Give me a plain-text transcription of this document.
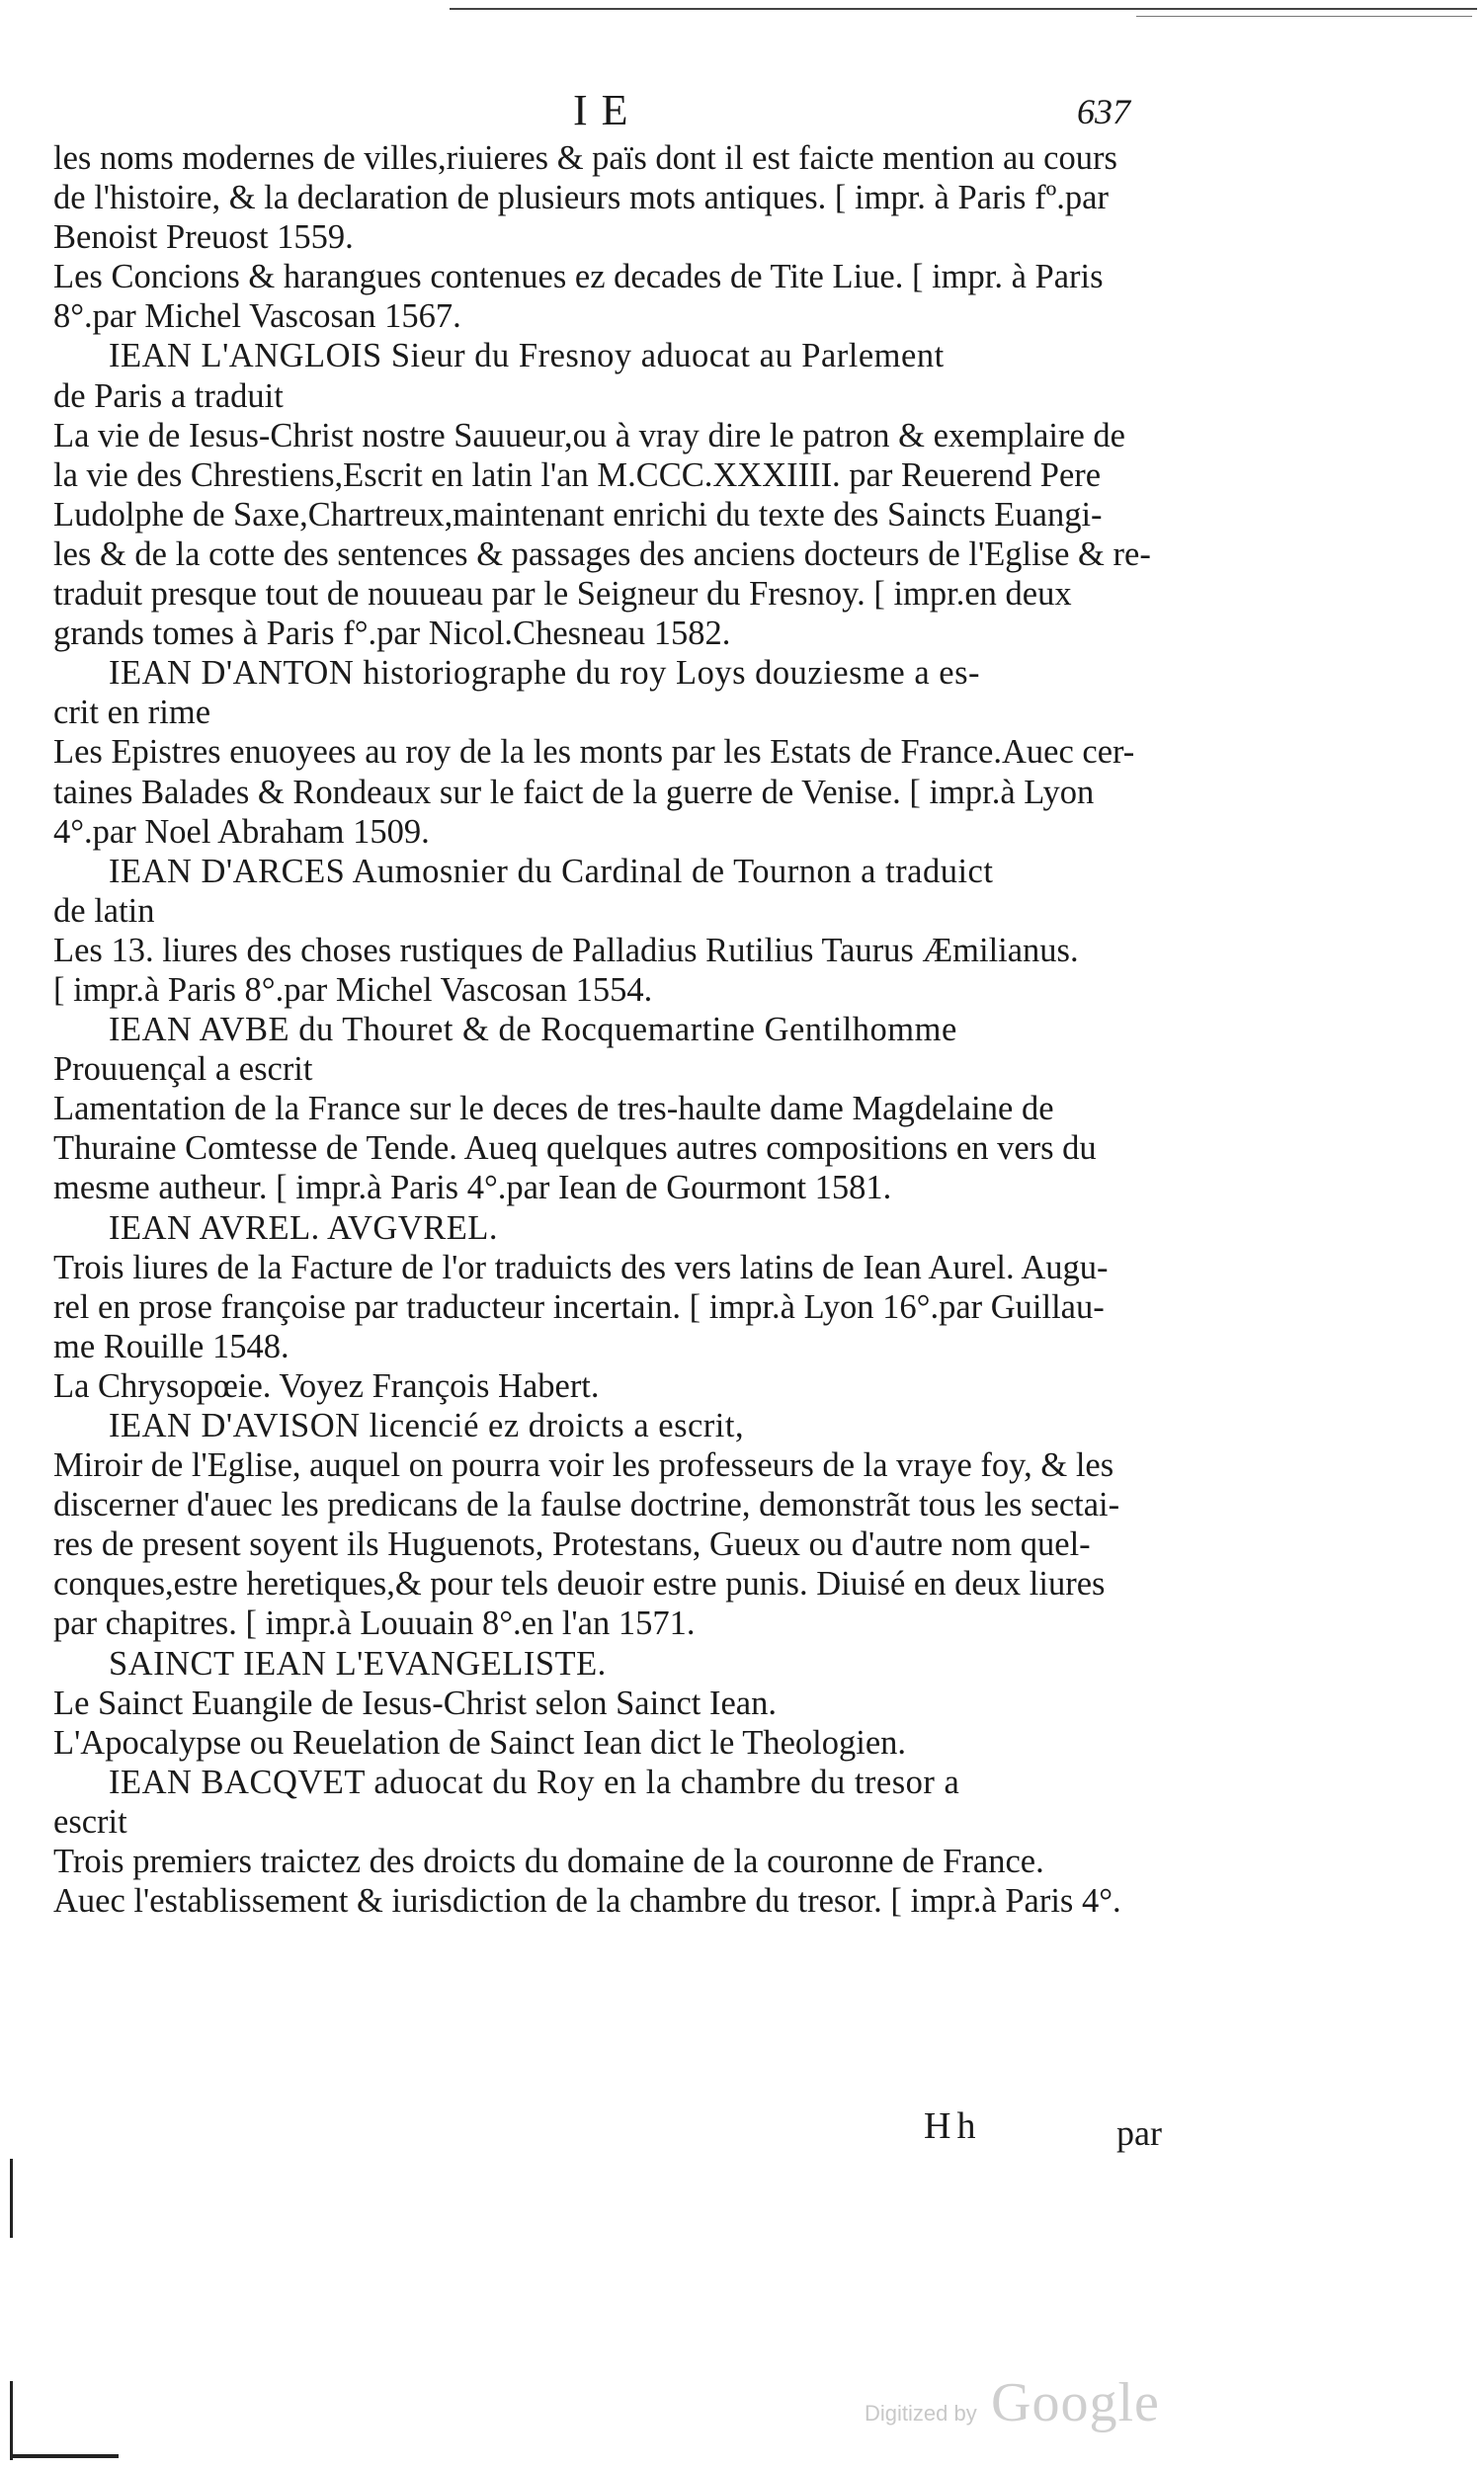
IE	637
les noms modernes de villes,riuieres & païs dont il est faicte mention au cours
de l'histoire, & la declaration de plusieurs mots antiques. [ impr. à Paris fº.par
Benoist Preuost 1559.
Les Concions & harangues contenues ez decades de Tite Liue. [ impr. à Paris
8°.par Michel Vascosan 1567.
IEAN L'ANGLOIS Sieur du Fresnoy aduocat au Parlement
de Paris a traduit
La vie de Iesus-Christ nostre Sauueur,ou à vray dire le patron & exemplaire de
la vie des Chrestiens,Escrit en latin l'an M.CCC.XXXIIII. par Reuerend Pere
Ludolphe de Saxe,Chartreux,maintenant enrichi du texte des Saincts Euangi-
les & de la cotte des sentences & passages des anciens docteurs de l'Eglise & re-
traduit presque tout de nouueau par le Seigneur du Fresnoy. [ impr.en deux
grands tomes à Paris f°.par Nicol.Chesneau 1582.
IEAN D'ANTON historiographe du roy Loys douziesme a es-
crit en rime
Les Epistres enuoyees au roy de la les monts par les Estats de France.Auec cer-
taines Balades & Rondeaux sur le faict de la guerre de Venise. [ impr.à Lyon
4°.par Noel Abraham 1509.
IEAN D'ARCES Aumosnier du Cardinal de Tournon a traduict
de latin
Les 13. liures des choses rustiques de Palladius Rutilius Taurus Æmilianus.
[ impr.à Paris 8°.par Michel Vascosan 1554.
IEAN AVBE du Thouret & de Rocquemartine Gentilhomme
Prouuençal a escrit
Lamentation de la France sur le deces de tres-haulte dame Magdelaine de
Thuraine Comtesse de Tende. Aueq quelques autres compositions en vers du
mesme autheur. [ impr.à Paris 4°.par Iean de Gourmont 1581.
IEAN AVREL. AVGVREL.
Trois liures de la Facture de l'or traduicts des vers latins de Iean Aurel. Augu-
rel en prose françoise par traducteur incertain. [ impr.à Lyon 16°.par Guillau-
me Rouille 1548.
La Chrysopœie. Voyez François Habert.
IEAN D'AVISON licencié ez droicts a escrit,
Miroir de l'Eglise, auquel on pourra voir les professeurs de la vraye foy, & les
discerner d'auec les predicans de la faulse doctrine, demonstrãt tous les sectai-
res de present soyent ils Huguenots, Protestans, Gueux ou d'autre nom quel-
conques,estre heretiques,& pour tels deuoir estre punis. Diuisé en deux liures
par chapitres. [ impr.à Louuain 8°.en l'an 1571.
SAINCT IEAN L'EVANGELISTE.
Le Sainct Euangile de Iesus-Christ selon Sainct Iean.
L'Apocalypse ou Reuelation de Sainct Iean dict le Theologien.
IEAN BACQVET aduocat du Roy en la chambre du tresor a
escrit
Trois premiers traictez des droicts du domaine de la couronne de France.
Auec l'establissement & iurisdiction de la chambre du tresor. [ impr.à Paris 4°.
Hh	par
Digitized by Google
